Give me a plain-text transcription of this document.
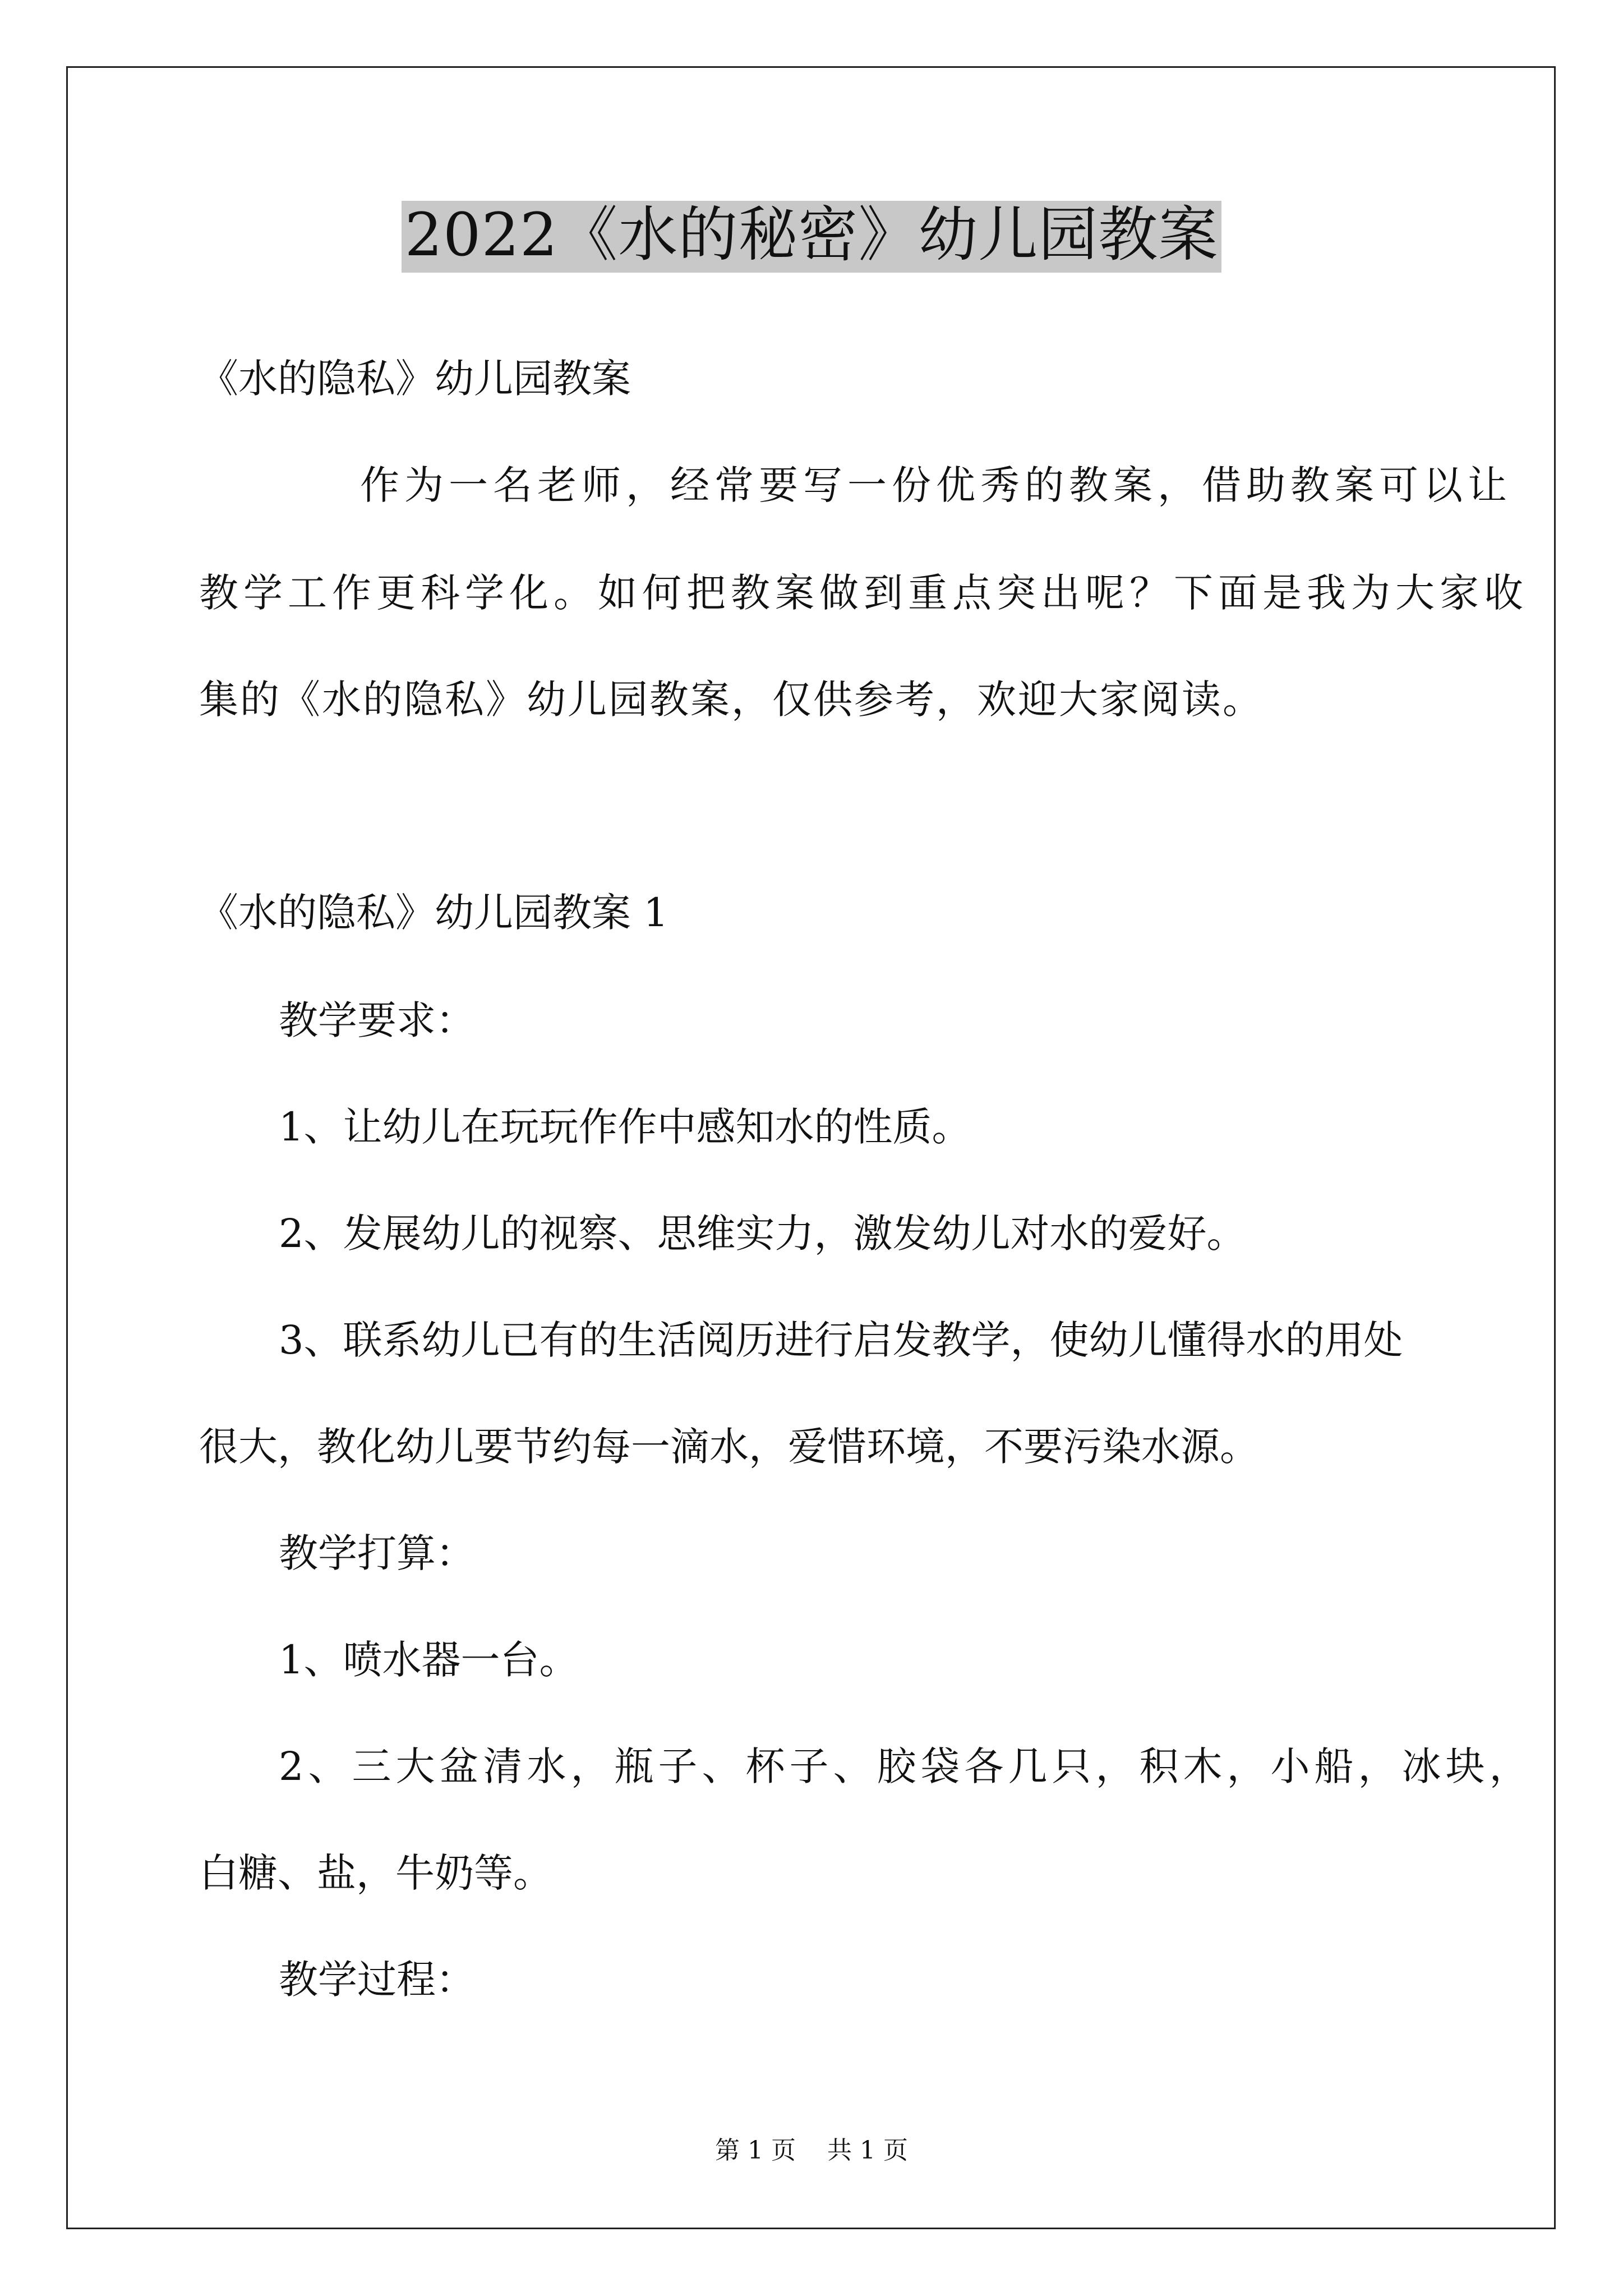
2022《水的秘密》幼儿园教案
《水的隐私》幼儿园教案
作为一名老师，经常要写一份优秀的教案，借助教案可以让
教学工作更科学化。如何把教案做到重点突出呢？下面是我为大家收
集的《水的隐私》幼儿园教案，仅供参考，欢迎大家阅读。
《水的隐私》幼儿园教案 1
教学要求：
1、让幼儿在玩玩作作中感知水的性质。
2、发展幼儿的视察、思维实力，激发幼儿对水的爱好。
3、联系幼儿已有的生活阅历进行启发教学，使幼儿懂得水的用处
很大，教化幼儿要节约每一滴水，爱惜环境，不要污染水源。
教学打算：
1、喷水器一台。
2、三大盆清水，瓶子、杯子、胶袋各几只，积木，小船，冰块，
白糖、盐，牛奶等。
教学过程：
第 1 页 共 1 页
